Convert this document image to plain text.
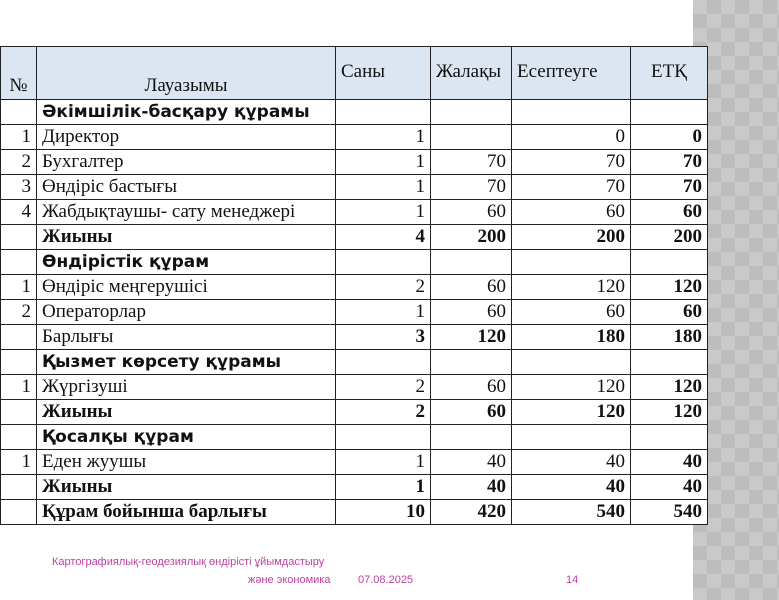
№	Лауазымы	Саны	Жалақы	Есептеуге	ЕТҚ
	Әкімшілік-басқару құрамы				
1	Директор	1		0	0
2	Бухгалтер	1	70	70	70
3	Өндіріс бастығы	1	70	70	70
4	Жабдықтаушы- сату менеджері	1	60	60	60
	Жиыны	4	200	200	200
	Өндірістік құрам				
1	Өндіріс меңгерушісі	2	60	120	120
2	Операторлар	1	60	60	60
	Барлығы	3	120	180	180
	Қызмет көрсету құрамы				
1	Жүргізуші	2	60	120	120
	Жиыны	2	60	120	120
	Қосалқы құрам				
1	Еден жуушы	1	40	40	40
	Жиыны	1	40	40	40
	Құрам бойынша барлығы	10	420	540	540
Картографиялық-геодезиялық өндірісті ұйымдастыру
және экономика	07.08.2025	14
